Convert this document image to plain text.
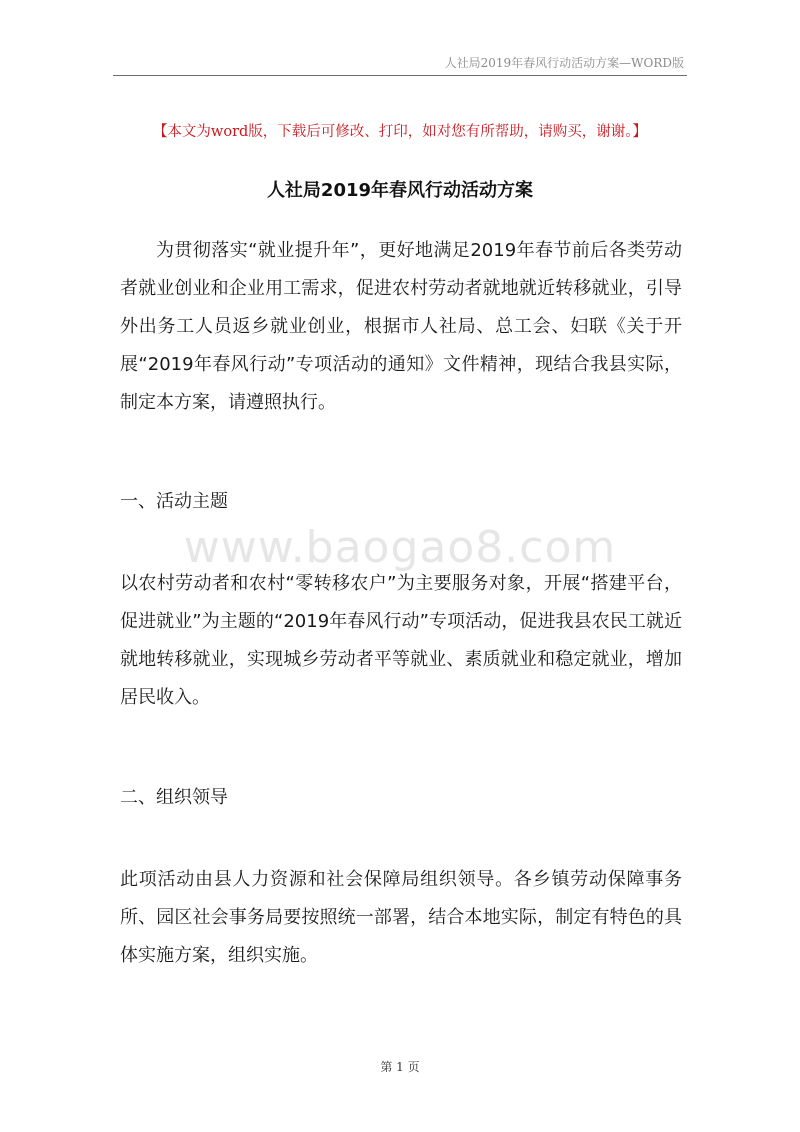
人社局2019年春风行动活动方案—WORD版
【本文为word版，下载后可修改、打印，如对您有所帮助，请购买，谢谢。】
人社局2019年春风行动活动方案

为贯彻落实“就业提升年”，更好地满足2019年春节前后各类劳动者就业创业和企业用工需求，促进农村劳动者就地就近转移就业，引导外出务工人员返乡就业创业，根据市人社局、总工会、妇联《关于开展“2019年春风行动”专项活动的通知》文件精神，现结合我县实际，制定本方案，请遵照执行。

一、活动主题
www.baogao8.com

以农村劳动者和农村“零转移农户”为主要服务对象，开展“搭建平台，促进就业”为主题的“2019年春风行动”专项活动，促进我县农民工就近就地转移就业，实现城乡劳动者平等就业、素质就业和稳定就业，增加居民收入。

二、组织领导

此项活动由县人力资源和社会保障局组织领导。各乡镇劳动保障事务所、园区社会事务局要按照统一部署，结合本地实际，制定有特色的具体实施方案，组织实施。

第 1 页
